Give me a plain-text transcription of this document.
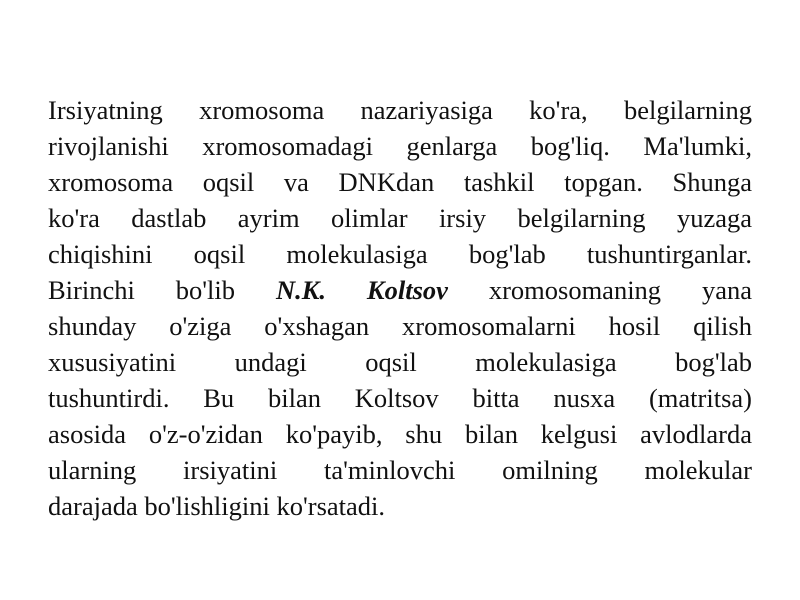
Irsiyatning xromosoma nazariyasiga ko'ra, belgilarning
rivojlanishi xromosomadagi genlarga bog'liq. Ma'lumki,
xromosoma oqsil va DNKdan tashkil topgan. Shunga
ko'ra dastlab ayrim olimlar irsiy belgilarning yuzaga
chiqishini oqsil molekulasiga bog'lab tushuntirganlar.
Birinchi bo'lib N.K. Koltsov xromosomaning yana
shunday o'ziga o'xshagan xromosomalarni hosil qilish
xususiyatini undagi oqsil molekulasiga bog'lab
tushuntirdi. Bu bilan Koltsov bitta nusxa (matritsa)
asosida o'z-o'zidan ko'payib, shu bilan kelgusi avlodlarda
ularning irsiyatini ta'minlovchi omilning molekular
darajada bo'lishligini ko'rsatadi.
